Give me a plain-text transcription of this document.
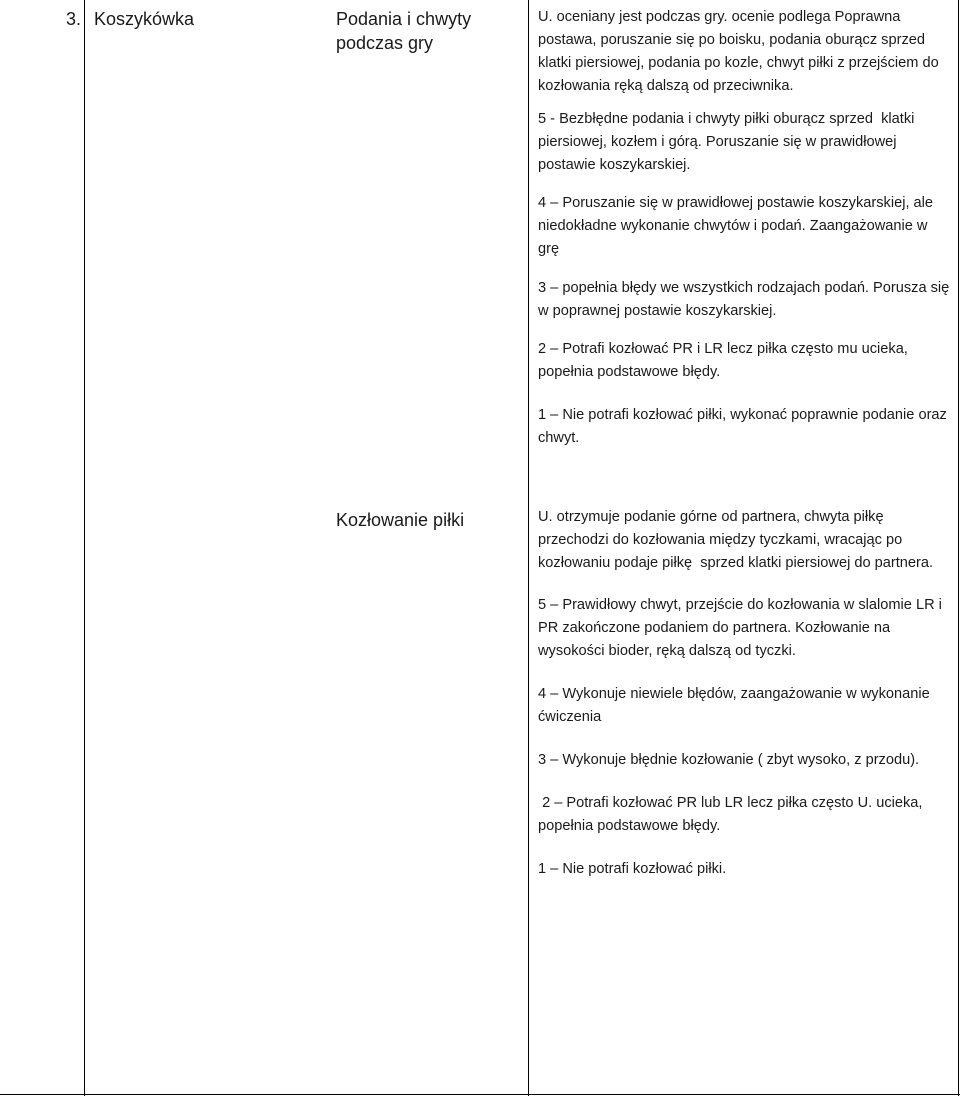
3. Koszykówka	Podania i chwyty podczas gry
Kozłowanie piłki

U. oceniany jest podczas gry. ocenie podlega Poprawna postawa, poruszanie się po boisku, podania oburącz sprzed klatki piersiowej, podania po kozle, chwyt piłki z przejściem do kozłowania ręką dalszą od przeciwnika.

5 - Bezbłędne podania i chwyty piłki oburącz sprzed  klatki piersiowej, kozłem i górą. Poruszanie się w prawidłowej postawie koszykarskiej.

4 – Poruszanie się w prawidłowej postawie koszykarskiej, ale niedokładne wykonanie chwytów i podań. Zaangażowanie w grę

3 – popełnia błędy we wszystkich rodzajach podań. Porusza się w poprawnej postawie koszykarskiej.

2 – Potrafi kozłować PR i LR lecz piłka często mu ucieka, popełnia podstawowe błędy.

1 – Nie potrafi kozłować piłki, wykonać poprawnie podanie oraz chwyt.

U. otrzymuje podanie górne od partnera, chwyta piłkę przechodzi do kozłowania między tyczkami, wracając po kozłowaniu podaje piłkę  sprzed klatki piersiowej do partnera.

5 – Prawidłowy chwyt, przejście do kozłowania w slalomie LR i PR zakończone podaniem do partnera. Kozłowanie na wysokości bioder, ręką dalszą od tyczki.

4 – Wykonuje niewiele błędów, zaangażowanie w wykonanie ćwiczenia

3 – Wykonuje błędnie kozłowanie ( zbyt wysoko, z przodu).

2 – Potrafi kozłować PR lub LR lecz piłka często U. ucieka, popełnia podstawowe błędy.

1 – Nie potrafi kozłować piłki.
